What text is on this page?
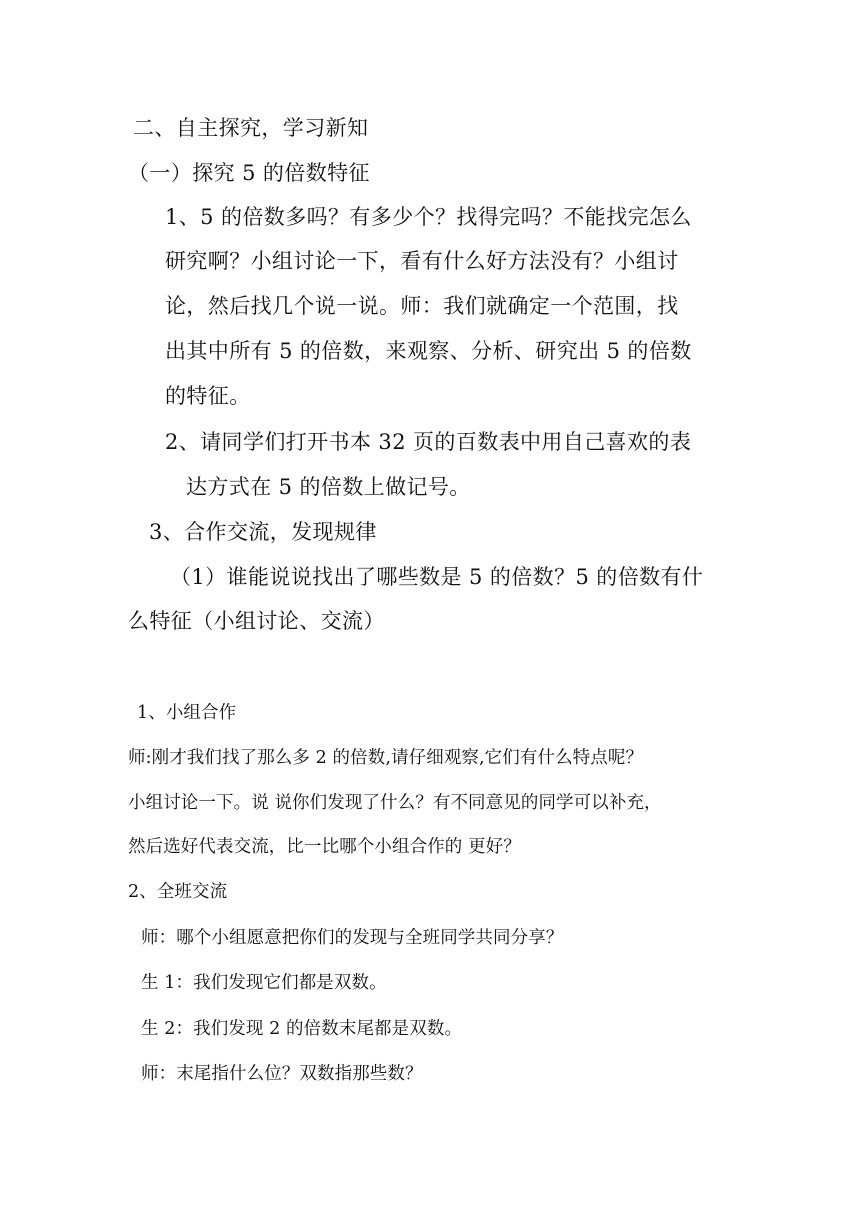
二、自主探究，学习新知

（一）探究 5 的倍数特征

1、5 的倍数多吗？有多少个？找得完吗？不能找完怎么

研究啊？小组讨论一下，看有什么好方法没有？小组讨

论，然后找几个说一说。师：我们就确定一个范围，找

出其中所有 5 的倍数，来观察、分析、研究出 5 的倍数

的特征。

2、请同学们打开书本 32 页的百数表中用自己喜欢的表

达方式在 5 的倍数上做记号。

3、合作交流，发现规律

（1）谁能说说找出了哪些数是 5 的倍数？5 的倍数有什

么特征（小组讨论、交流）

1、小组合作

师:刚才我们找了那么多 2 的倍数,请仔细观察,它们有什么特点呢？

小组讨论一下。说 说你们发现了什么？有不同意见的同学可以补充，

然后选好代表交流，比一比哪个小组合作的 更好？

2、全班交流

师：哪个小组愿意把你们的发现与全班同学共同分享？

生 1：我们发现它们都是双数。

生 2：我们发现 2 的倍数末尾都是双数。

师：末尾指什么位？双数指那些数？
